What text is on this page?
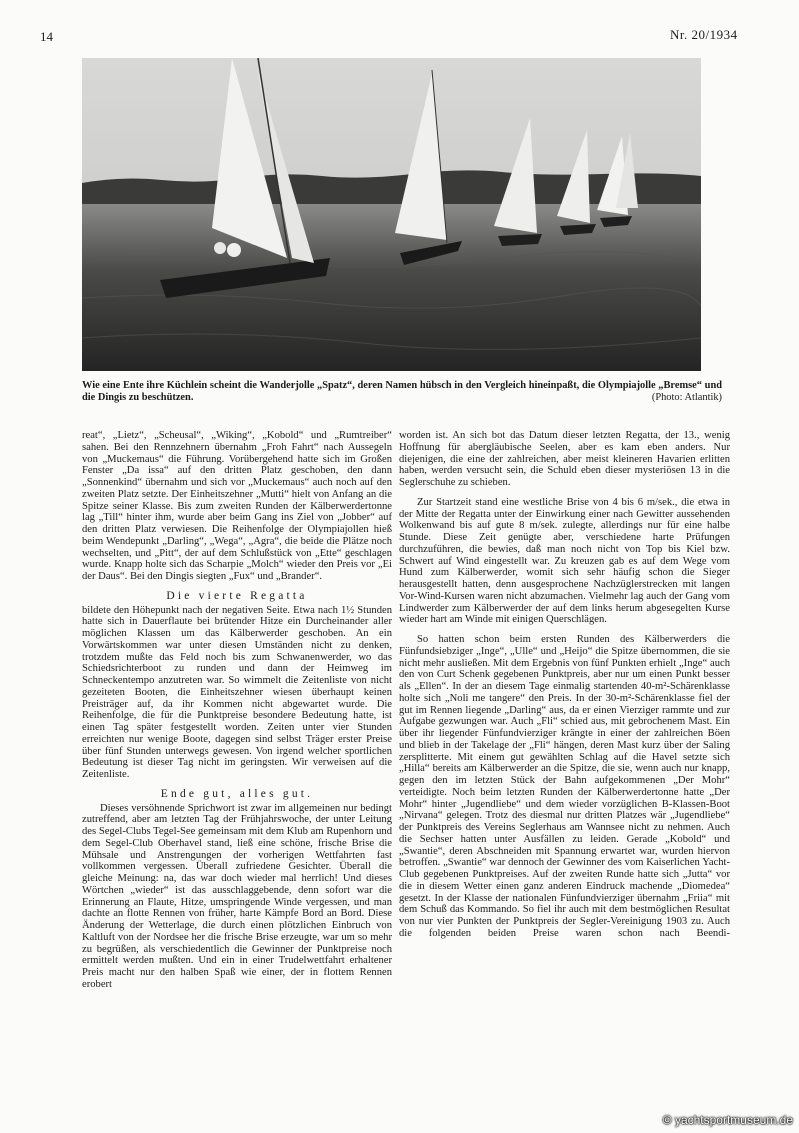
14	Nr. 20/1934
Wie eine Ente ihre Küchlein scheint die Wanderjolle „Spatz“, deren Namen hübsch in den Vergleich hineinpaßt, die Olympiajolle „Bremse“ und die Dingis zu beschützen.	(Photo: Atlantik)

reat“, „Lietz“, „Scheusal“, „Wiking“, „Kobold“ und „Rumtreiber“ sahen. Bei den Rennzehnern übernahm „Froh Fahrt“ nach Aussegeln von „Muckemaus“ die Führung. Vorübergehend hatte sich im Großen Fenster „Da issa“ auf den dritten Platz geschoben, den dann „Sonnenkind“ übernahm und sich vor „Muckemaus“ auch noch auf den zweiten Platz setzte. Der Einheitszehner „Mutti“ hielt von Anfang an die Spitze seiner Klasse. Bis zum zweiten Runden der Kälberwerdertonne lag „Till“ hinter ihm, wurde aber beim Gang ins Ziel von „Jobber“ auf den dritten Platz verwiesen. Die Reihenfolge der Olympiajollen hieß beim Wendepunkt „Darling“, „Wega“, „Agra“, die beide die Plätze noch wechselten, und „Pitt“, der auf dem Schlußstück von „Ette“ geschlagen wurde. Knapp holte sich das Scharpie „Molch“ wieder den Preis vor „Ei der Daus“. Bei den Dingis siegten „Fux“ und „Brander“.

Die vierte Regatta

bildete den Höhepunkt nach der negativen Seite. Etwa nach 1½ Stunden hatte sich in Dauerflaute bei brütender Hitze ein Durcheinander aller möglichen Klassen um das Kälberwerder geschoben. An ein Vorwärtskommen war unter diesen Umständen nicht zu denken, trotzdem mußte das Feld noch bis zum Schwanenwerder, wo das Schiedsrichterboot zu runden und dann der Heimweg im Schneckentempo anzutreten war. So wimmelt die Zeitenliste von nicht gezeiteten Booten, die Einheitszehner wiesen überhaupt keinen Preisträger auf, da ihr Kommen nicht abgewartet wurde. Die Reihenfolge, die für die Punktpreise besondere Bedeutung hatte, ist einen Tag später festgestellt worden. Zeiten unter vier Stunden erreichten nur wenige Boote, dagegen sind selbst Träger erster Preise über fünf Stunden unterwegs gewesen. Von irgend welcher sportlichen Bedeutung ist dieser Tag nicht im geringsten. Wir verweisen auf die Zeitenliste.

Ende gut, alles gut.

Dieses versöhnende Sprichwort ist zwar im allgemeinen nur bedingt zutreffend, aber am letzten Tag der Frühjahrswoche, der unter Leitung des Segel-Clubs Tegel-See gemeinsam mit dem Klub am Rupenhorn und dem Segel-Club Oberhavel stand, ließ eine schöne, frische Brise die Mühsale und Anstrengungen der vorherigen Wettfahrten fast vollkommen vergessen. Überall zufriedene Gesichter. Überall die gleiche Meinung: na, das war doch wieder mal herrlich! Und dieses Wörtchen „wieder“ ist das ausschlaggebende, denn sofort war die Erinnerung an Flaute, Hitze, umspringende Winde vergessen, und man dachte an flotte Rennen von früher, harte Kämpfe Bord an Bord. Diese Änderung der Wetterlage, die durch einen plötzlichen Einbruch von Kaltluft von der Nordsee her die frische Brise erzeugte, war um so mehr zu begrüßen, als verschiedentlich die Gewinner der Punktpreise noch ermittelt werden mußten. Und ein in einer Trudelwettfahrt erhaltener Preis macht nur den halben Spaß wie einer, der in flottem Rennen erobert

worden ist. An sich bot das Datum dieser letzten Regatta, der 13., wenig Hoffnung für abergläubische Seelen, aber es kam eben anders. Nur diejenigen, die eine der zahlreichen, aber meist kleineren Havarien erlitten haben, werden versucht sein, die Schuld eben dieser mysteriösen 13 in die Seglerschuhe zu schieben.

Zur Startzeit stand eine westliche Brise von 4 bis 6 m/sek., die etwa in der Mitte der Regatta unter der Einwirkung einer nach Gewitter aussehenden Wolkenwand bis auf gute 8 m/sek. zulegte, allerdings nur für eine halbe Stunde. Diese Zeit genügte aber, verschiedene harte Prüfungen durchzuführen, die bewies, daß man noch nicht von Top bis Kiel bzw. Schwert auf Wind eingestellt war. Zu kreuzen gab es auf dem Wege vom Hund zum Kälberwerder, womit sich sehr häufig schon die Sieger herausgestellt hatten, denn ausgesprochene Nachzüglerstrecken mit langen Vor-Wind-Kursen waren nicht abzumachen. Vielmehr lag auch der Gang vom Lindwerder zum Kälberwerder der auf dem links herum abgesegelten Kurse wieder hart am Winde mit einigen Querschlägen.

So hatten schon beim ersten Runden des Kälberwerders die Fünfundsiebziger „Inge“, „Ulle“ und „Heijo“ die Spitze übernommen, die sie nicht mehr ausließen. Mit dem Ergebnis von fünf Punkten erhielt „Inge“ auch den von Curt Schenk gegebenen Punktpreis, aber nur um einen Punkt besser als „Ellen“. In der an diesem Tage einmalig startenden 40-m²-Schärenklasse holte sich „Noli me tangere“ den Preis. In der 30-m²-Schärenklasse fiel der gut im Rennen liegende „Darling“ aus, da er einen Vierziger rammte und zur Aufgabe gezwungen war. Auch „Fli“ schied aus, mit gebrochenem Mast. Ein über ihr liegender Fünfundvierziger krängte in einer der zahlreichen Böen und blieb in der Takelage der „Fli“ hängen, deren Mast kurz über der Saling zersplitterte. Mit einem gut gewählten Schlag auf die Havel setzte sich „Hilla“ bereits am Kälberwerder an die Spitze, die sie, wenn auch nur knapp, gegen den im letzten Stück der Bahn aufgekommenen „Der Mohr“ verteidigte. Noch beim letzten Runden der Kälberwerdertonne hatte „Der Mohr“ hinter „Jugendliebe“ und dem wieder vorzüglichen B-Klassen-Boot „Nirvana“ gelegen. Trotz des diesmal nur dritten Platzes wär „Jugendliebe“ der Punktpreis des Vereins Seglerhaus am Wannsee nicht zu nehmen. Auch die Sechser hatten unter Ausfällen zu leiden. Gerade „Kobold“ und „Swantie“, deren Abschneiden mit Spannung erwartet war, wurden hiervon betroffen. „Swantie“ war dennoch der Gewinner des vom Kaiserlichen Yacht-Club gegebenen Punktpreises. Auf der zweiten Runde hatte sich „Jutta“ vor die in diesem Wetter einen ganz anderen Eindruck machende „Diomedea“ gesetzt. In der Klasse der nationalen Fünfundvierziger übernahm „Friia“ mit dem Schuß das Kommando. So fiel ihr auch mit dem bestmöglichen Resultat von nur vier Punkten der Punktpreis der Segler-Vereinigung 1903 zu. Auch die folgenden beiden Preise waren schon nach Beendi-

© yachtsportmuseum.de
